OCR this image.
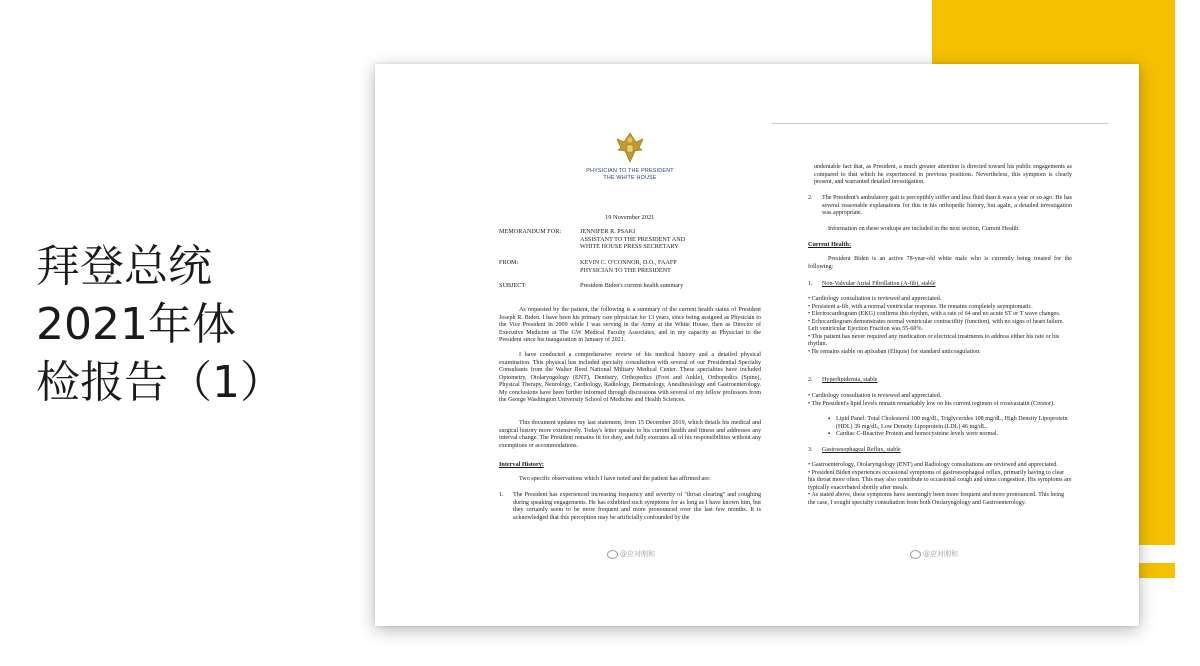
拜登总统
2021年体
检报告（1）
PHYSICIAN TO THE PRESIDENT
THE WHITE HOUSE
19 November 2021
MEMORANDUM FOR:	JENNIFER R. PSAKI
ASSISTANT TO THE PRESIDENT AND
WHITE HOUSE PRESS SECRETARY
FROM:	KEVIN C. O'CONNOR, D.O., FAAFP
PHYSICIAN TO THE PRESIDENT
SUBJECT:	President Biden's current health summary
As requested by the patient, the following is a summary of the current health status of President Joseph R. Biden. I have been his primary care physician for 13 years, since being assigned as Physician to the Vice President in 2009 while I was serving in the Army at the White House, then as Director of Executive Medicine at The GW Medical Faculty Associates, and in my capacity as Physician to the President since his inauguration in January of 2021.
I have conducted a comprehensive review of his medical history and a detailed physical examination. This physical has included specialty consultation with several of our Presidential Specialty Consultants from the Walter Reed National Military Medical Center. These specialties have included Optometry, Otolaryngology (ENT), Dentistry, Orthopedics (Foot and Ankle), Orthopedics (Spine), Physical Therapy, Neurology, Cardiology, Radiology, Dermatology, Anesthesiology and Gastroenterology. My conclusions have been further informed through discussions with several of my fellow professors from the George Washington University School of Medicine and Health Sciences.
This document updates my last statement, from 15 December 2019, which details his medical and surgical history more extensively. Today's letter speaks to his current health and fitness and addresses any interval change. The President remains fit for duty, and fully executes all of his responsibilities without any exemptions or accommodations.
Interval History:
Two specific observations which I have noted and the patient has affirmed are:
1. The President has experienced increasing frequency and severity of "throat clearing" and coughing during speaking engagements. He has exhibited such symptoms for as long as I have known him, but they certainly seem to be more frequent and more pronounced over the last few months. It is acknowledged that this perception may be artificially confounded by the
@应对刚和
undeniable fact that, as President, a much greater attention is directed toward his public engagements as compared to that which he experienced in previous positions. Nevertheless, this symptom is clearly present, and warranted detailed investigation.
2. The President's ambulatory gait is perceptibly stiffer and less fluid than it was a year or so ago. He has several reasonable explanations for this in his orthopedic history, but again, a detailed investigation was appropriate.
Information on these workups are included in the next section, Current Health.
Current Health:
President Biden is an active 78-year-old white male who is currently being treated for the following:
1. Non-Valvular Atrial Fibrillation (A-fib), stable
• Cardiology consultation is reviewed and appreciated.
• Persistent a-fib, with a normal ventricular response. He remains completely asymptomatic.
• Electrocardiogram (EKG) confirms this rhythm, with a rate of 64 and no acute ST or T wave changes.
• Echocardiogram demonstrates normal ventricular contractility (function), with no signs of heart failure. Left ventricular Ejection Fraction was 55-60%.
• This patient has never required any medication or electrical treatments to address either his rate or his rhythm.
• He remains stable on apixaban (Eliquis) for standard anticoagulation.
2. Hyperlipidemia, stable
• Cardiology consultation is reviewed and appreciated.
• The President's lipid levels remain remarkably low on his current regimen of rosuvastatin (Crestor).
▪ Lipid Panel: Total Cholesterol 100 mg/dL, Triglycerides 108 mg/dL, High Density Lipoprotein (HDL) 39 mg/dL, Low Density Lipoprotein (LDL) 46 mg/dL.
▪ Cardiac C-Reactive Protein and homocysteine levels were normal.
3. Gastroesophageal Reflux, stable
• Gastroenterology, Otolaryngology (ENT) and Radiology consultations are reviewed and appreciated.
• President Biden experiences occasional symptoms of gastroesophageal reflux, primarily having to clear his throat more often. This may also contribute to occasional cough and sinus congestion. His symptoms are typically exacerbated shortly after meals.
• As stated above, these symptoms have seemingly been more frequent and more pronounced. This being the case, I sought specialty consultation from both Otolaryngology and Gastroenterology.
@应对刚和
